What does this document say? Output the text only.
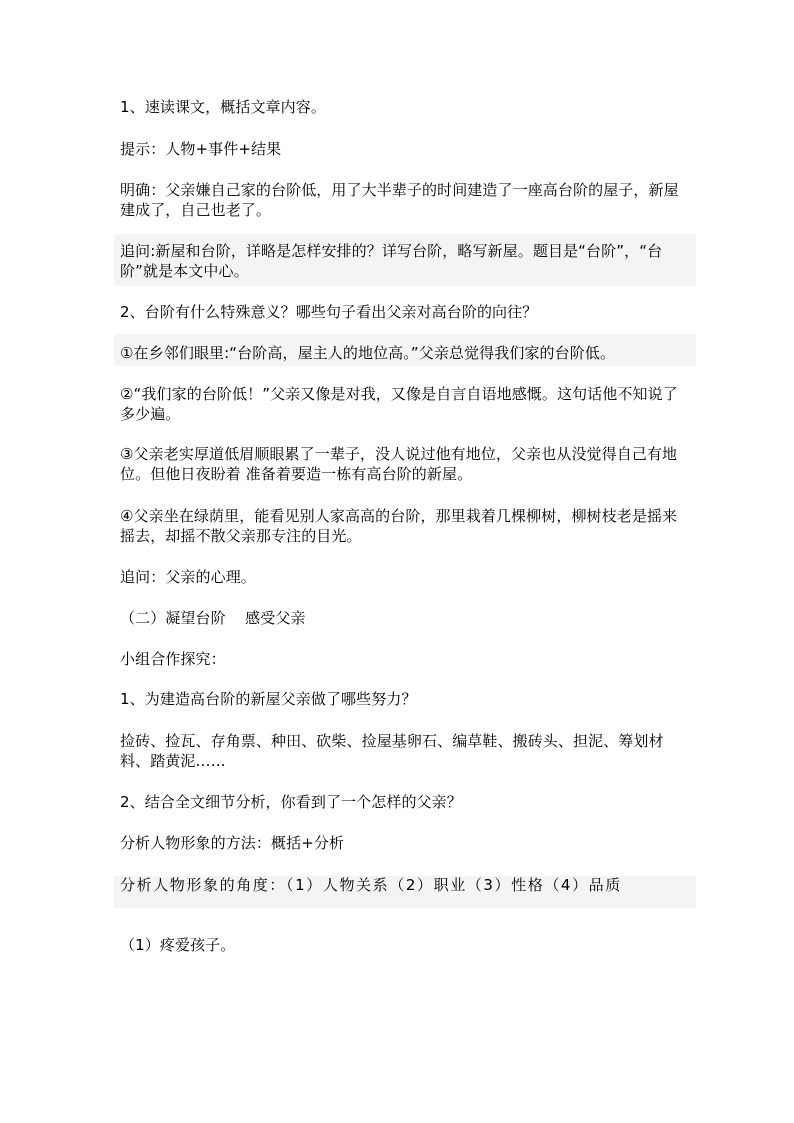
1、速读课文，概括文章内容。

提示：人物+事件+结果

明确：父亲嫌自己家的台阶低，用了大半辈子的时间建造了一座高台阶的屋子，新屋建成了，自己也老了。

追问:新屋和台阶，详略是怎样安排的？详写台阶，略写新屋。题目是“台阶”，“台阶”就是本文中心。

2、台阶有什么特殊意义？哪些句子看出父亲对高台阶的向往？

①在乡邻们眼里:“台阶高，屋主人的地位高。”父亲总觉得我们家的台阶低。

②“我们家的台阶低！”父亲又像是对我，又像是自言自语地感慨。这句话他不知说了多少遍。

③父亲老实厚道低眉顺眼累了一辈子，没人说过他有地位，父亲也从没觉得自己有地位。但他日夜盼着 准备着要造一栋有高台阶的新屋。

④父亲坐在绿荫里，能看见别人家高高的台阶，那里栽着几棵柳树，柳树枝老是摇来摇去，却摇不散父亲那专注的目光。

追问：父亲的心理。

（二）凝望台阶    感受父亲

小组合作探究：

1、为建造高台阶的新屋父亲做了哪些努力？

捡砖、捡瓦、存角票、种田、砍柴、捡屋基卵石、编草鞋、搬砖头、担泥、筹划材料、踏黄泥……

2、结合全文细节分析，你看到了一个怎样的父亲？

分析人物形象的方法：概括+分析

分析人物形象的角度：（1）人物关系（2）职业（3）性格（4）品质

（1）疼爱孩子。
